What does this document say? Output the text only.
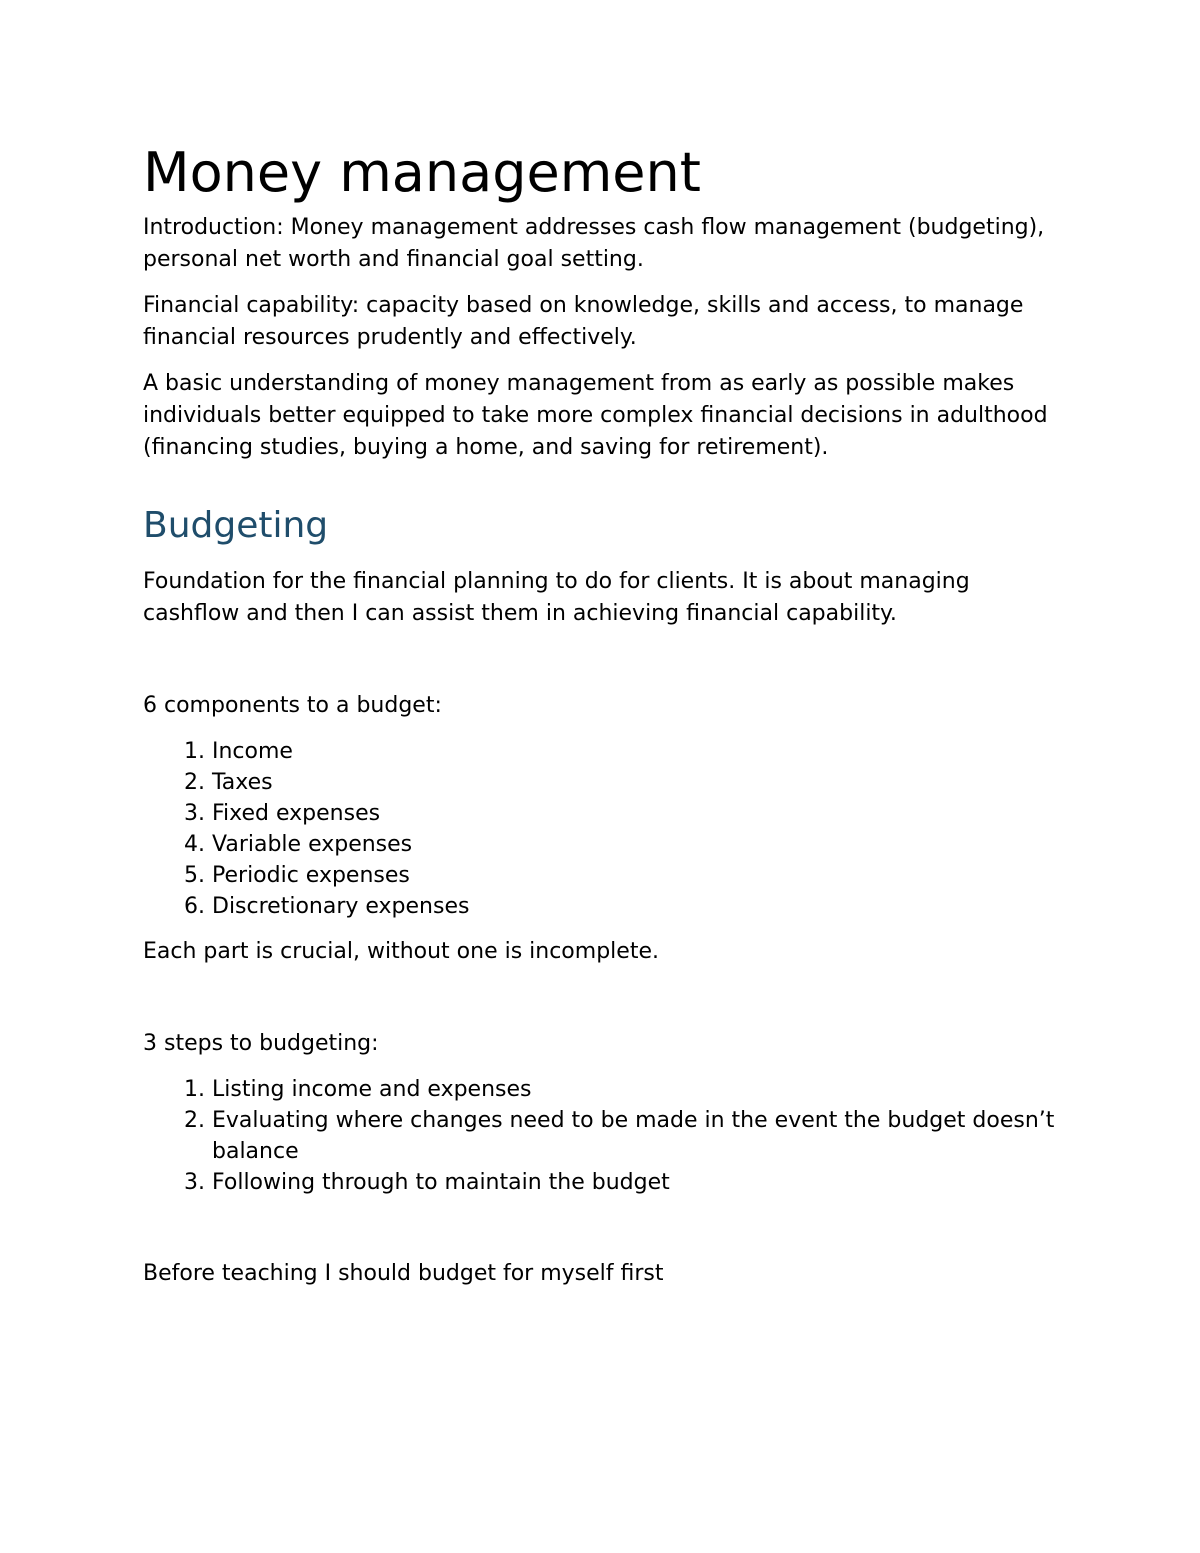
Money management

Introduction: Money management addresses cash flow management (budgeting), personal net worth and financial goal setting.

Financial capability: capacity based on knowledge, skills and access, to manage financial resources prudently and effectively.

A basic understanding of money management from as early as possible makes individuals better equipped to take more complex financial decisions in adulthood (financing studies, buying a home, and saving for retirement).

Budgeting

Foundation for the financial planning to do for clients. It is about managing cashflow and then I can assist them in achieving financial capability.

6 components to a budget:

1. Income
2. Taxes
3. Fixed expenses
4. Variable expenses
5. Periodic expenses
6. Discretionary expenses

Each part is crucial, without one is incomplete.

3 steps to budgeting:

1. Listing income and expenses
2. Evaluating where changes need to be made in the event the budget doesn’t balance
3. Following through to maintain the budget

Before teaching I should budget for myself first
